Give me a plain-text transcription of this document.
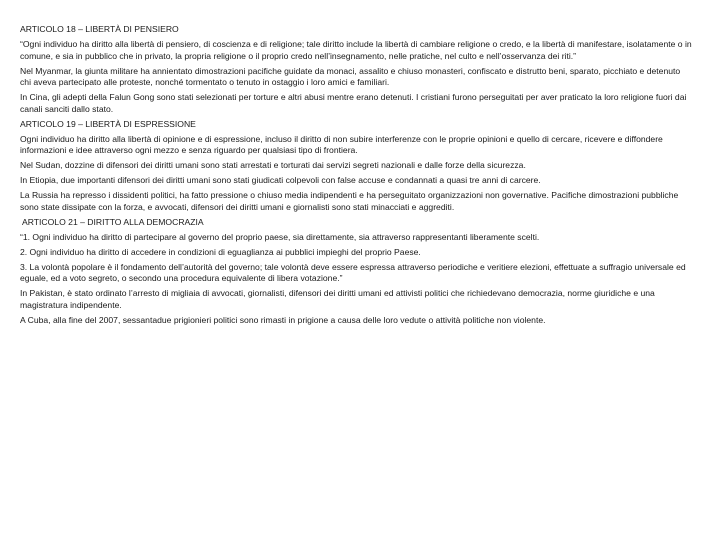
ARTICOLO 18 – LIBERTÀ DI PENSIERO
“Ogni individuo ha diritto alla libertà di pensiero, di coscienza e di religione; tale diritto include la libertà di cambiare religione o credo, e la libertà di manifestare, isolatamente o in comune, e sia in pubblico che in privato, la propria religione o il proprio credo nell’insegnamento, nelle pratiche, nel culto e nell’osservanza dei riti.”
Nel Myanmar, la giunta militare ha annientato dimostrazioni pacifiche guidate da monaci, assalito e chiuso monasteri, confiscato e distrutto beni, sparato, picchiato e detenuto chi aveva partecipato alle proteste, nonché tormentato o tenuto in ostaggio i loro amici e familiari.
In Cina, gli adepti della Falun Gong sono stati selezionati per torture e altri abusi mentre erano detenuti. I cristiani furono perseguitati per aver praticato la loro religione fuori dai canali sanciti dallo stato.
ARTICOLO 19 – LIBERTÀ DI ESPRESSIONE
Ogni individuo ha diritto alla libertà di opinione e di espressione, incluso il diritto di non subire interferenze con le proprie opinioni e quello di cercare, ricevere e diffondere informazioni e idee attraverso ogni mezzo e senza riguardo per qualsiasi tipo di frontiera.
Nel Sudan, dozzine di difensori dei diritti umani sono stati arrestati e torturati dai servizi segreti nazionali e dalle forze della sicurezza.
In Etiopia, due importanti difensori dei diritti umani sono stati giudicati colpevoli con false accuse e condannati a quasi tre anni di carcere.
La Russia ha represso i dissidenti politici, ha fatto pressione o chiuso media indipendenti e ha perseguitato organizzazioni non governative. Pacifiche dimostrazioni pubbliche sono state dissipate con la forza, e avvocati, difensori dei diritti umani e giornalisti sono stati minacciati e aggrediti.
ARTICOLO 21 – DIRITTO ALLA DEMOCRAZIA
“1. Ogni individuo ha diritto di partecipare al governo del proprio paese, sia direttamente, sia attraverso rappresentanti liberamente scelti.
2. Ogni individuo ha diritto di accedere in condizioni di eguaglianza ai pubblici impieghi del proprio Paese.
3. La volontà popolare è il fondamento dell’autorità del governo; tale volontà deve essere espressa attraverso periodiche e veritiere elezioni, effettuate a suffragio universale ed eguale, ed a voto segreto, o secondo una procedura equivalente di libera votazione.”
In Pakistan, è stato ordinato l’arresto di migliaia di avvocati, giornalisti, difensori dei diritti umani ed attivisti politici che richiedevano democrazia, norme giuridiche e una magistratura indipendente.
A Cuba, alla fine del 2007, sessantadue prigionieri politici sono rimasti in prigione a causa delle loro vedute o attività politiche non violente.
